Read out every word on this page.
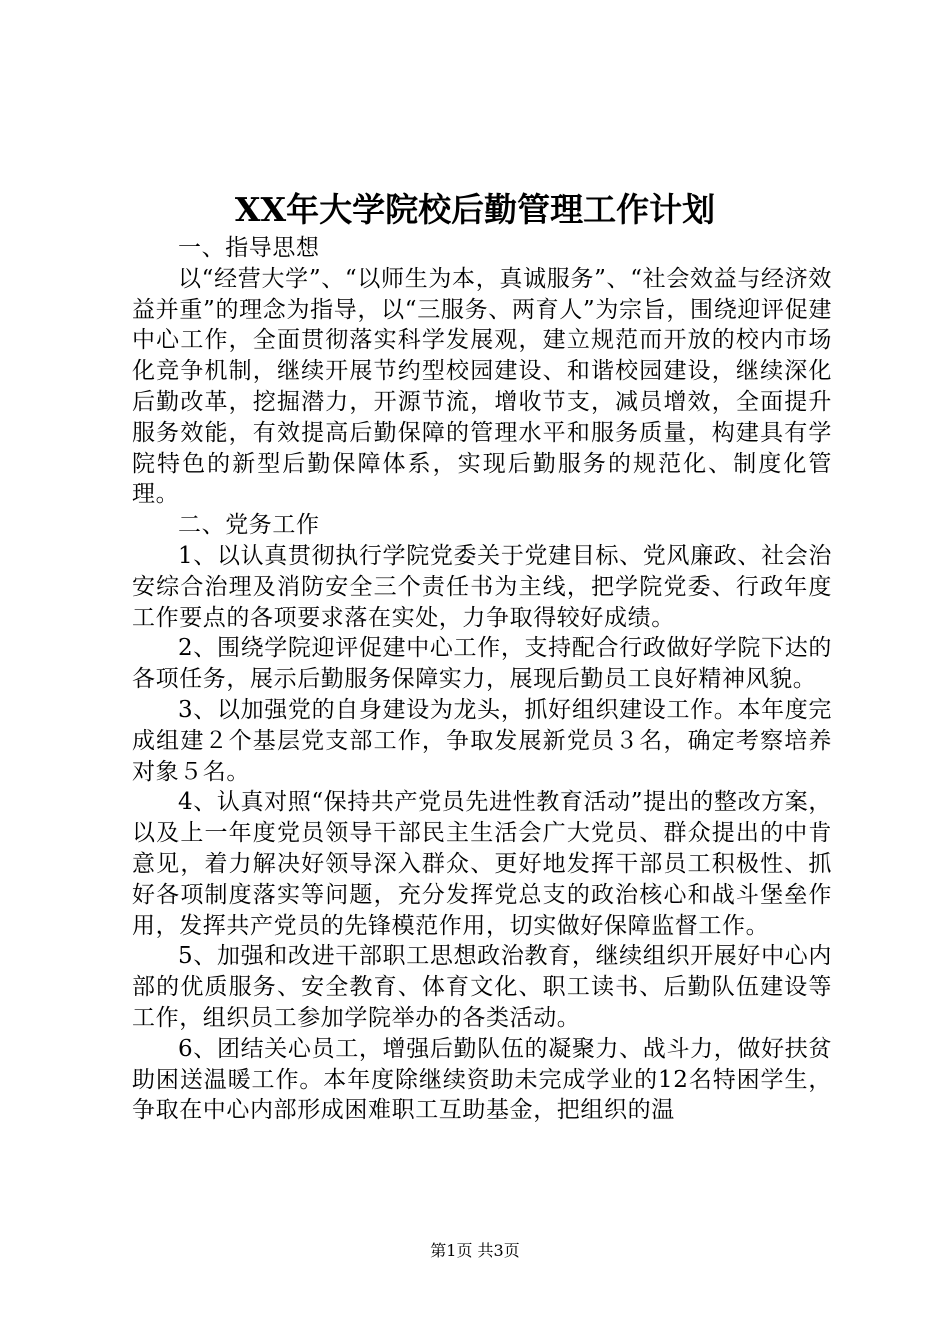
XX年大学院校后勤管理工作计划
一、指导思想
以“经营大学”、“以师生为本，真诚服务”、“社会效益与经济效益并重”的理念为指导，以“三服务、两育人”为宗旨，围绕迎评促建中心工作，全面贯彻落实科学发展观，建立规范而开放的校内市场化竞争机制，继续开展节约型校园建设、和谐校园建设，继续深化后勤改革，挖掘潜力，开源节流，增收节支，减员增效，全面提升服务效能，有效提高后勤保障的管理水平和服务质量，构建具有学院特色的新型后勤保障体系，实现后勤服务的规范化、制度化管理。
二、党务工作
1、以认真贯彻执行学院党委关于党建目标、党风廉政、社会治安综合治理及消防安全三个责任书为主线，把学院党委、行政年度工作要点的各项要求落在实处，力争取得较好成绩。
2、围绕学院迎评促建中心工作，支持配合行政做好学院下达的各项任务，展示后勤服务保障实力，展现后勤员工良好精神风貌。
3、以加强党的自身建设为龙头，抓好组织建设工作。本年度完成组建２个基层党支部工作，争取发展新党员３名，确定考察培养对象５名。
4、认真对照“保持共产党员先进性教育活动”提出的整改方案，以及上一年度党员领导干部民主生活会广大党员、群众提出的中肯意见，着力解决好领导深入群众、更好地发挥干部员工积极性、抓好各项制度落实等问题，充分发挥党总支的政治核心和战斗堡垒作用，发挥共产党员的先锋模范作用，切实做好保障监督工作。
5、加强和改进干部职工思想政治教育，继续组织开展好中心内部的优质服务、安全教育、体育文化、职工读书、后勤队伍建设等工作，组织员工参加学院举办的各类活动。
6、团结关心员工，增强后勤队伍的凝聚力、战斗力，做好扶贫助困送温暖工作。本年度除继续资助未完成学业的12名特困学生，争取在中心内部形成困难职工互助基金，把组织的温
第1页 共3页
